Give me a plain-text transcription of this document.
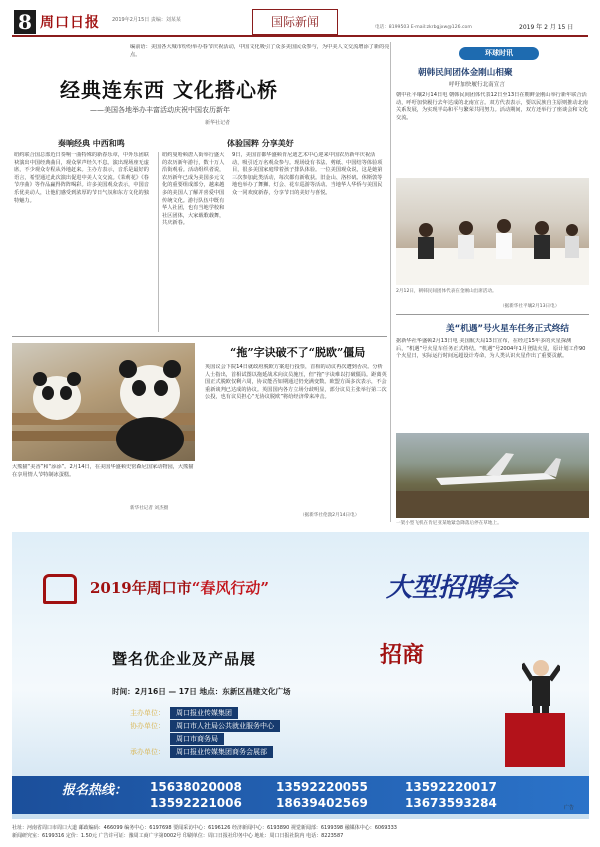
8 周口日报 2019年2月15日 责编：刘某某	国际新闻	电话：8199503 E-mail:zkrbgjxw@126.com	2019 年 2 月 15 日
编前语：美国各大城市纷纷举办春节庆祝活动，中国文化吸引了众多美国民众参与，为中美人文交流增添了新的亮点。
经典连东西 文化搭心桥
——美国各地举办丰富活动庆祝中国农历新年
新华社记者
奏响经典 中西和鸣	体验国粹 分享美好
纽约联合国总部近日奏响一曲特殊的新春乐章，中外乐团联袂演出中国经典曲目，观众掌声经久不息。演出现场座无虚席，不少观众专程从外地赶来。主办方表示，音乐是最好的语言，希望通过此次演出促进中美人文交流。《茉莉花》《春节序曲》等作品赢得阵阵喝彩。许多美国观众表示，中国音乐优美动人，让他们感受到浓厚的节日气氛和东方文化的独特魅力。
纽约曼哈顿唐人街举行盛大的农历新年游行，数十万人沿街观看。活动组织者说，农历新年已成为美国多元文化的重要组成部分，越来越多的美国人了解并喜爱中国传统文化。游行队伍中既有华人社团，也有当地学校和社区团体，大家载歌载舞，共庆新春。
9日，美国首都华盛顿肯尼迪艺术中心迎来中国农历新年庆祝活动，吸引近万名观众参与。现场设有书法、剪纸、中国结等体验项目，很多美国家庭带着孩子排队体验。一位美国观众说，这是她第三次参加此类活动，每次都有新收获。旧金山、洛杉矶、休斯敦等地也举办了舞狮、灯会、花车巡游等活动。当地华人华侨与美国民众一同欢度新春，分享节日的美好与喜悦。
大熊猫“美香”和“添添”。2月14日，在美国华盛顿史密森尼国家动物园，大熊猫在享用情人节特制冰蛋糕。
新华社记者 刘杰摄
“拖”字诀破不了“脱欧”僵局
英国议会下院14日就政府脱欧方案进行投票，首相的动议再次遭到否决。分析人士指出，首相试图以拖延战术向议员施压，但“拖”字诀难以打破僵局。距离英国正式脱欧仅剩六周，协议能否如期通过仍充满变数。欧盟方面多次表示，不会重新谈判已达成的协议。英国国内各方立场分歧明显，部分议员主张举行第二次公投，也有议员担心“无协议脱欧”将给经济带来冲击。
（据新华社伦敦2月14日电）
环球时讯
朝韩民间团体金刚山相聚
呼吁加快履行北南宣言
朝中社平壤2月14日电 朝韩民间团体代表12日至13日在朝鲜金刚山举行新年联合活动，呼吁加快履行去年达成的北南宣言。双方代表表示，要以民族自主原则推动北南关系发展，为实现半岛和平与繁荣共同努力。活动期间，双方还举行了座谈会和文化交流。
2月12日，朝韩民间团体代表在金刚山出席活动。
（据新华社平壤2月13日电）
美“机遇”号火星车任务正式终结
据新华社华盛顿2月13日电 美国航天局13日宣布，在经过15年多的火星探测后，“机遇”号火星车任务正式终结。“机遇”号2004年1月登陆火星，原计划工作90个火星日，实际运行时间远超设计寿命，为人类认识火星作出了重要贡献。
一架小型飞机在肯尼亚某地紧急降落后停在草地上。
2019年周口市“春风行动”	大型招聘会
暨名优企业及产品展	招商
时间：2月16日 — 17日 地点：东新区昌建文化广场
主办单位：	周口报业传媒集团
协办单位：	周口市人社局公共就业服务中心
周口市商务局
承办单位：	周口报业传媒集团商务会展部
报名热线： 15638020008	13592220055	13592220017
13592221006	18639402569	13673593284	广告
社址：河南省周口市周口大道 邮政编码：466099 编务中心：6197698 要闻采访中心：6196126 经济新闻中心：6193890 视觉新闻部：6199398 融媒体中心：6069333
新闻研究室：6199316 定价：1.50元 广告许可证：豫周工商广字第0002号 印刷单位：周口日报社印务中心 地址：周口日报社院内 电话：8223587
